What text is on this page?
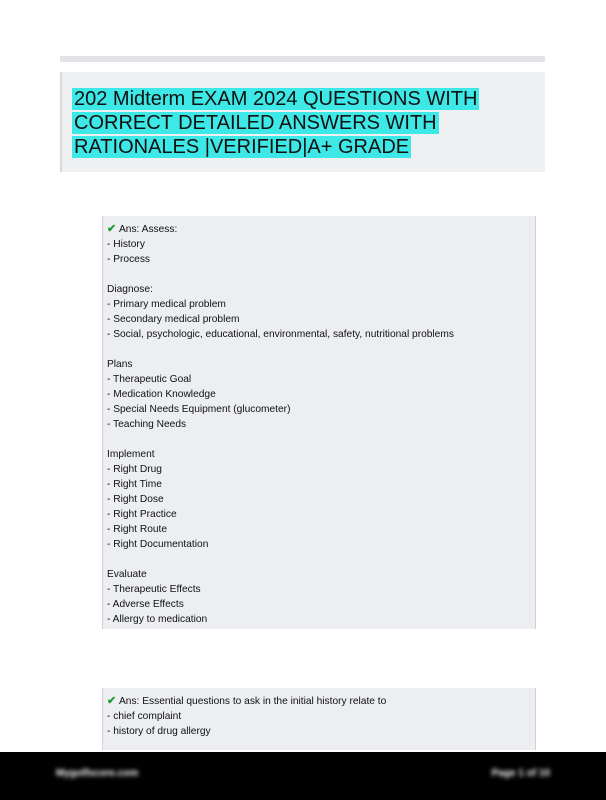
202 Midterm EXAM 2024 QUESTIONS WITH CORRECT DETAILED ANSWERS WITH RATIONALES |VERIFIED|A+ GRADE
✔ Ans: Assess:
- History
- Process
Diagnose:
- Primary medical problem
- Secondary medical problem
- Social, psychologic, educational, environmental, safety, nutritional problems
Plans
- Therapeutic Goal
- Medication Knowledge
- Special Needs Equipment (glucometer)
- Teaching Needs
Implement
- Right Drug
- Right Time
- Right Dose
- Right Practice
- Right Route
- Right Documentation
Evaluate
- Therapeutic Effects
- Adverse Effects
- Allergy to medication
✔ Ans: Essential questions to ask in the initial history relate to
- chief complaint
- history of drug allergy
Mygolfscore.com	Page 1 of 10
